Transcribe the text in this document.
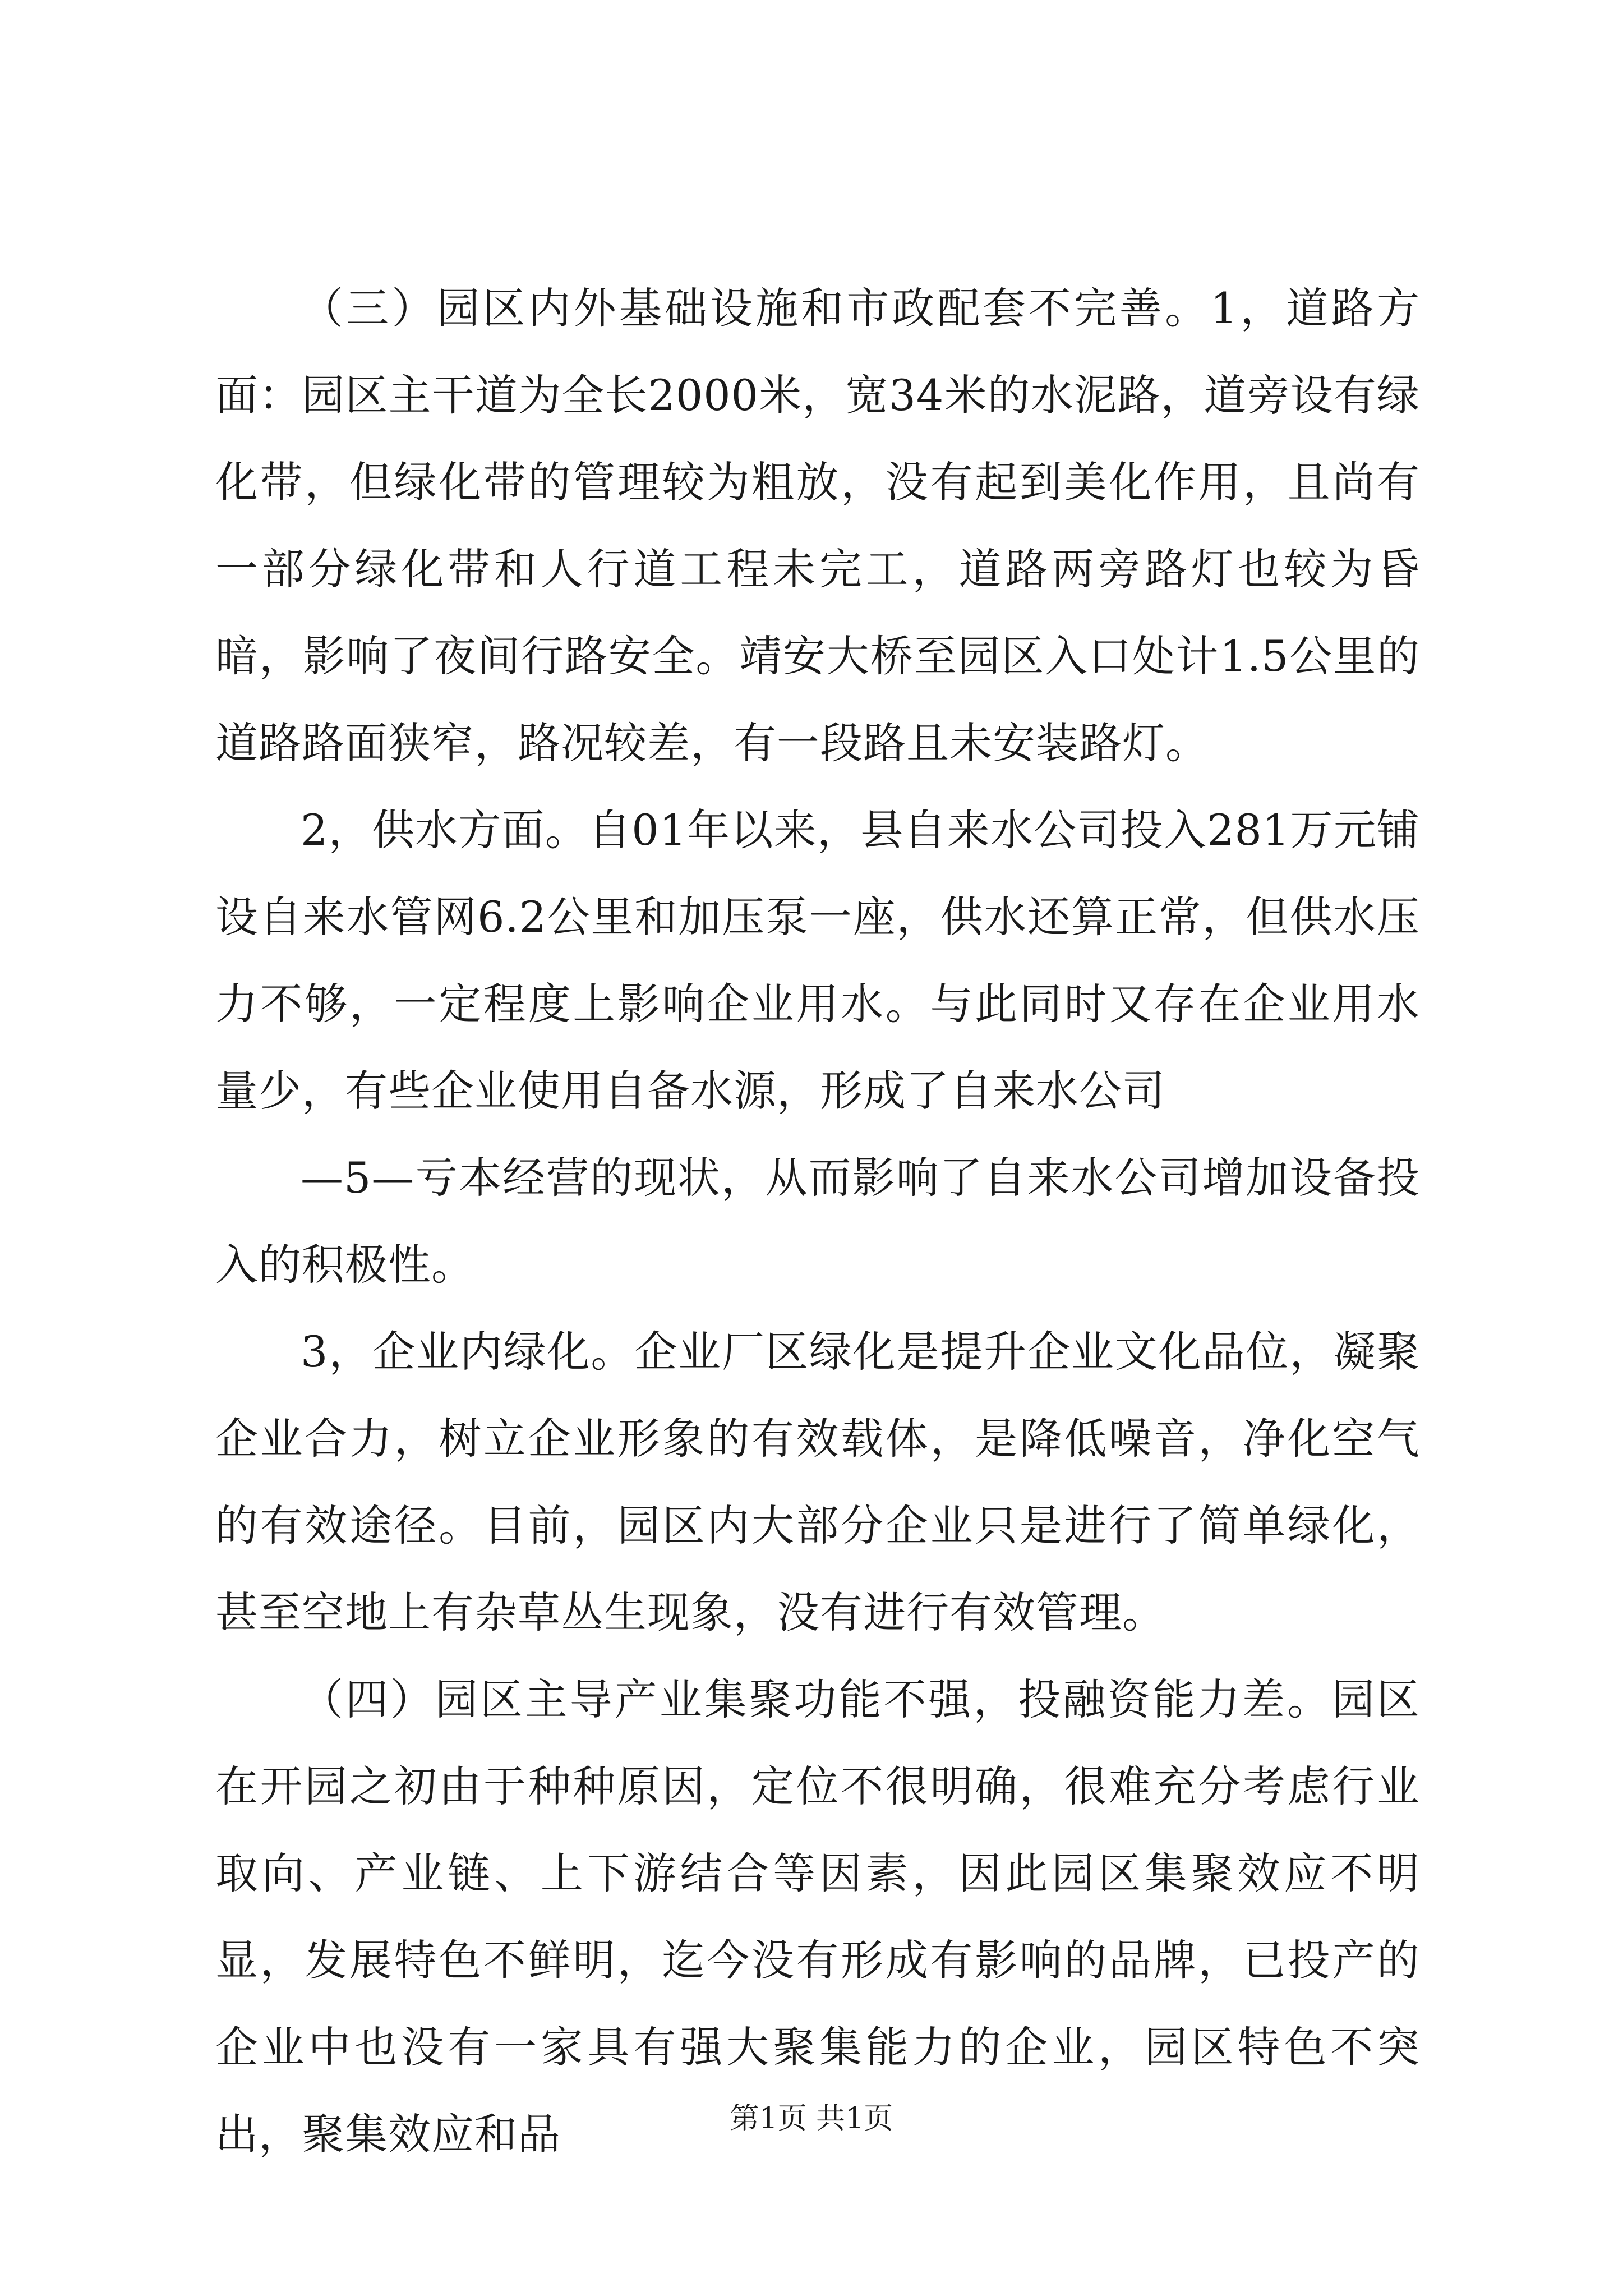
（三）园区内外基础设施和市政配套不完善。1，道路方面：园区主干道为全长2000米，宽34米的水泥路，道旁设有绿化带，但绿化带的管理较为粗放，没有起到美化作用，且尚有一部分绿化带和人行道工程未完工，道路两旁路灯也较为昏暗，影响了夜间行路安全。靖安大桥至园区入口处计1.5公里的道路路面狭窄，路况较差，有一段路且未安装路灯。

2，供水方面。自01年以来，县自来水公司投入281万元铺设自来水管网6.2公里和加压泵一座，供水还算正常，但供水压力不够，一定程度上影响企业用水。与此同时又存在企业用水量少，有些企业使用自备水源，形成了自来水公司

—5—亏本经营的现状，从而影响了自来水公司增加设备投入的积极性。

3，企业内绿化。企业厂区绿化是提升企业文化品位，凝聚企业合力，树立企业形象的有效载体，是降低噪音，净化空气的有效途径。目前，园区内大部分企业只是进行了简单绿化，甚至空地上有杂草丛生现象，没有进行有效管理。

（四）园区主导产业集聚功能不强，投融资能力差。园区在开园之初由于种种原因，定位不很明确，很难充分考虑行业取向、产业链、上下游结合等因素，因此园区集聚效应不明显，发展特色不鲜明，迄今没有形成有影响的品牌，已投产的企业中也没有一家具有强大聚集能力的企业，园区特色不突出，聚集效应和品	第1页 共1页
